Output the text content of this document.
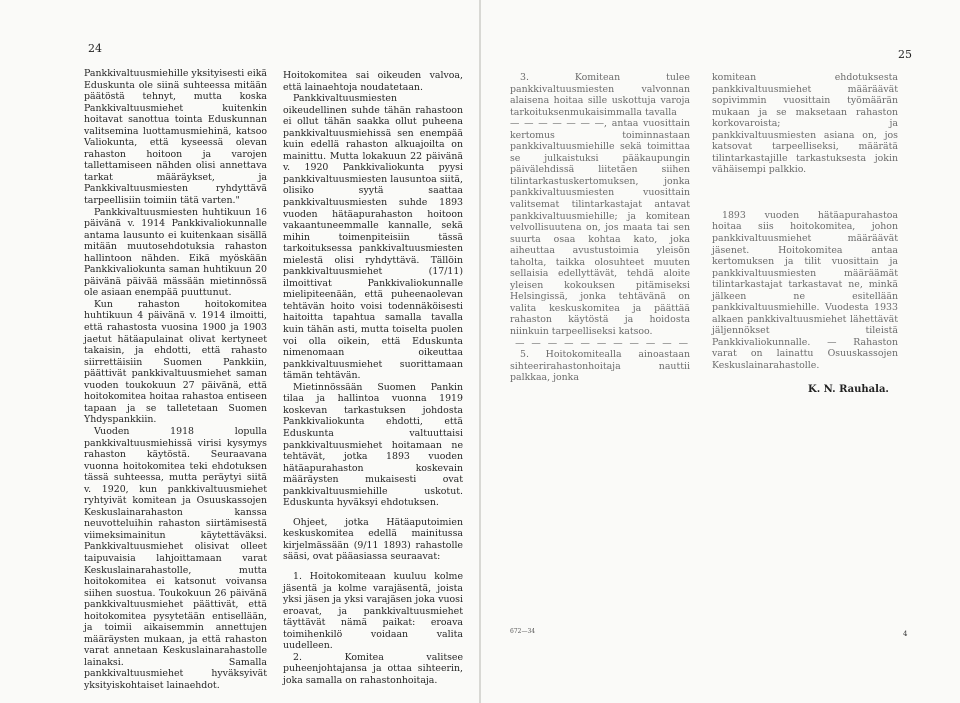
24

Pankkivaltuusmiehille yksityisesti eikä Eduskunta ole siinä suhteessa mitään päätöstä tehnyt, mutta koska Pankkivaltuusmiehet kuitenkin hoitavat sanottua tointa Eduskunnan valitsemina luottamusmiehinä, katsoo Valiokunta, että kyseessä olevan rahaston hoitoon ja varojen tallettamiseen nähden olisi annettava tarkat määräykset, ja Pankkivaltuusmiesten ryhdyttävä tarpeellisiin toimiin tätä varten."

Pankkivaltuusmiesten huhtikuun 16 päivänä v. 1914 Pankkivaliokunnalle antama lausunto ei kuitenkaan sisällä mitään muutosehdotuksia rahaston hallintoon nähden. Eikä myöskään Pankkivaliokunta saman huhtikuun 20 päivänä päivää mässään mietinnössä ole asiaan enempää puuttunut.

Kun rahaston hoitokomitea huhtikuun 4 päivänä v. 1914 ilmoitti, että rahastosta vuosina 1900 ja 1903 jaetut hätäapulainat olivat kertyneet takaisin, ja ehdotti, että rahasto siirrettäisiin Suomen Pankkiin, päättivät pankkivaltuusmiehet saman vuoden toukokuun 27 päivänä, että hoitokomitea hoitaa rahastoa entiseen tapaan ja se talletetaan Suomen Yhdyspankkiin.

Vuoden 1918 lopulla pankkivaltuusmiehissä virisi kysymys rahaston käytöstä. Seuraavana vuonna hoitokomitea teki ehdotuksen tässä suhteessa, mutta peräytyi siitä v. 1920, kun pankkivaltuusmiehet ryhtyivät komitean ja Osuuskassojen Keskuslainarahaston kanssa neuvotteluihin rahaston siirtämisestä viimeksimainitun käytettäväksi. Pankkivaltuusmiehet olisivat olleet taipuvaisia lahjoittamaan varat Keskuslainarahastolle, mutta hoitokomitea ei katsonut voivansa siihen suostua. Toukokuun 26 päivänä pankkivaltuusmiehet päättivät, että hoitokomitea pysytetään entisellään, ja toimii aikaisemmin annettujen määräysten mukaan, ja että rahaston varat annetaan Keskuslainarahastolle lainaksi. Samalla pankkivaltuusmiehet hyväksyivät yksityiskohtaiset lainaehdot.

Hoitokomitea sai oikeuden valvoa, että lainaehtoja noudatetaan.

Pankkivaltuusmiesten oikeudellinen suhde tähän rahastoon ei ollut tähän saakka ollut puheena pankkivaltuusmiehissä sen enempää kuin edellä rahaston alkuajoilta on mainittu. Mutta lokakuun 22 päivänä v. 1920 Pankkivaliokunta pyysi pankkivaltuusmiesten lausuntoa siitä, olisiko syytä saattaa pankkivaltuusmiesten suhde 1893 vuoden hätäapurahaston hoitoon vakaantuneemmalle kannalle, sekä mihin toimenpiteisiin tässä tarkoituksessa pankkivaltuusmiesten mielestä olisi ryhdyttävä. Tällöin pankkivaltuusmiehet (17/11) ilmoittivat Pankkivaliokunnalle mielipiteenään, että puheenaolevan tehtävän hoito voisi todennäköisesti haitoitta tapahtua samalla tavalla kuin tähän asti, mutta toiselta puolen voi olla oikein, että Eduskunta nimenomaan oikeuttaa pankkivaltuusmiehet suorittamaan tämän tehtävän.

Mietinnössään Suomen Pankin tilaa ja hallintoa vuonna 1919 koskevan tarkastuksen johdosta Pankkivaliokunta ehdotti, että Eduskunta valtuuttaisi pankkivaltuusmiehet hoitamaan ne tehtävät, jotka 1893 vuoden hätäapurahaston koskevain määräysten mukaisesti ovat pankkivaltuusmiehille uskotut. Eduskunta hyväksyi ehdotuksen.

Ohjeet, jotka Hätäaputoimien keskuskomitea edellä mainitussa kirjelmässään (9/11 1893) rahastolle sääsi, ovat pääasiassa seuraavat:

1. Hoitokomiteaan kuuluu kolme jäsentä ja kolme varajäsentä, joista yksi jäsen ja yksi varajäsen joka vuosi eroavat, ja pankkivaltuusmiehet täyttävät nämä paikat: eroava toimihenkilö voidaan valita uudelleen.

2. Komitea valitsee puheenjohtajansa ja ottaa sihteerin, joka samalla on rahastonhoitaja.

25

3. Komitean tulee pankkivaltuusmiesten valvonnan alaisena hoitaa sille uskottuja varoja tarkoituksenmukaisimmalla tavalla

— — — — — — —, antaa vuosittain kertomus toiminnastaan pankkivaltuusmiehille sekä toimittaa se julkaistuksi pääkaupungin päivälehdissä liitetäen siihen tilintarkastuskertomuksen, jonka pankkivaltuusmiesten vuosittain valitsemat tilintarkastajat antavat pankkivaltuusmiehille; ja komitean velvollisuutena on, jos maata tai sen suurta osaa kohtaa kato, joka aiheuttaa avustustoimia yleisön taholta, taikka olosuhteet muuten sellaisia edellyttävät, tehdä aloite yleisen kokouksen pitämiseksi Helsingissä, jonka tehtävänä on valita keskuskomitea ja päättää rahaston käytöstä ja hoidosta niinkuin tarpeelliseksi katsoo.

— — — — — — — — — — —

5. Hoitokomitealla ainoastaan sihteerirahastonhoitaja nauttii palkkaa, jonka

komitean ehdotuksesta pankkivaltuusmiehet määräävät sopivimmin vuosittain työmäärän mukaan ja se maksetaan rahaston korkovaroista; ja pankkivaltuusmiesten asiana on, jos katsovat tarpeelliseksi, määrätä tilintarkastajille tarkastuksesta jokin vähäisempi palkkio.

1893 vuoden hätäapurahastoa hoitaa siis hoitokomitea, johon pankkivaltuusmiehet määräävät jäsenet. Hoitokomitea antaa kertomuksen ja tilit vuosittain ja pankkivaltuusmiesten määräämät tilintarkastajat tarkastavat ne, minkä jälkeen ne esitellään pankkivaltuusmiehille. Vuodesta 1933 alkaen pankkivaltuusmiehet lähettävät jäljennökset tileistä Pankkivaliokunnalle. — Rahaston varat on lainattu Osuuskassojen Keskuslainarahastolle.

K. N. Rauhala.
672—34	4
